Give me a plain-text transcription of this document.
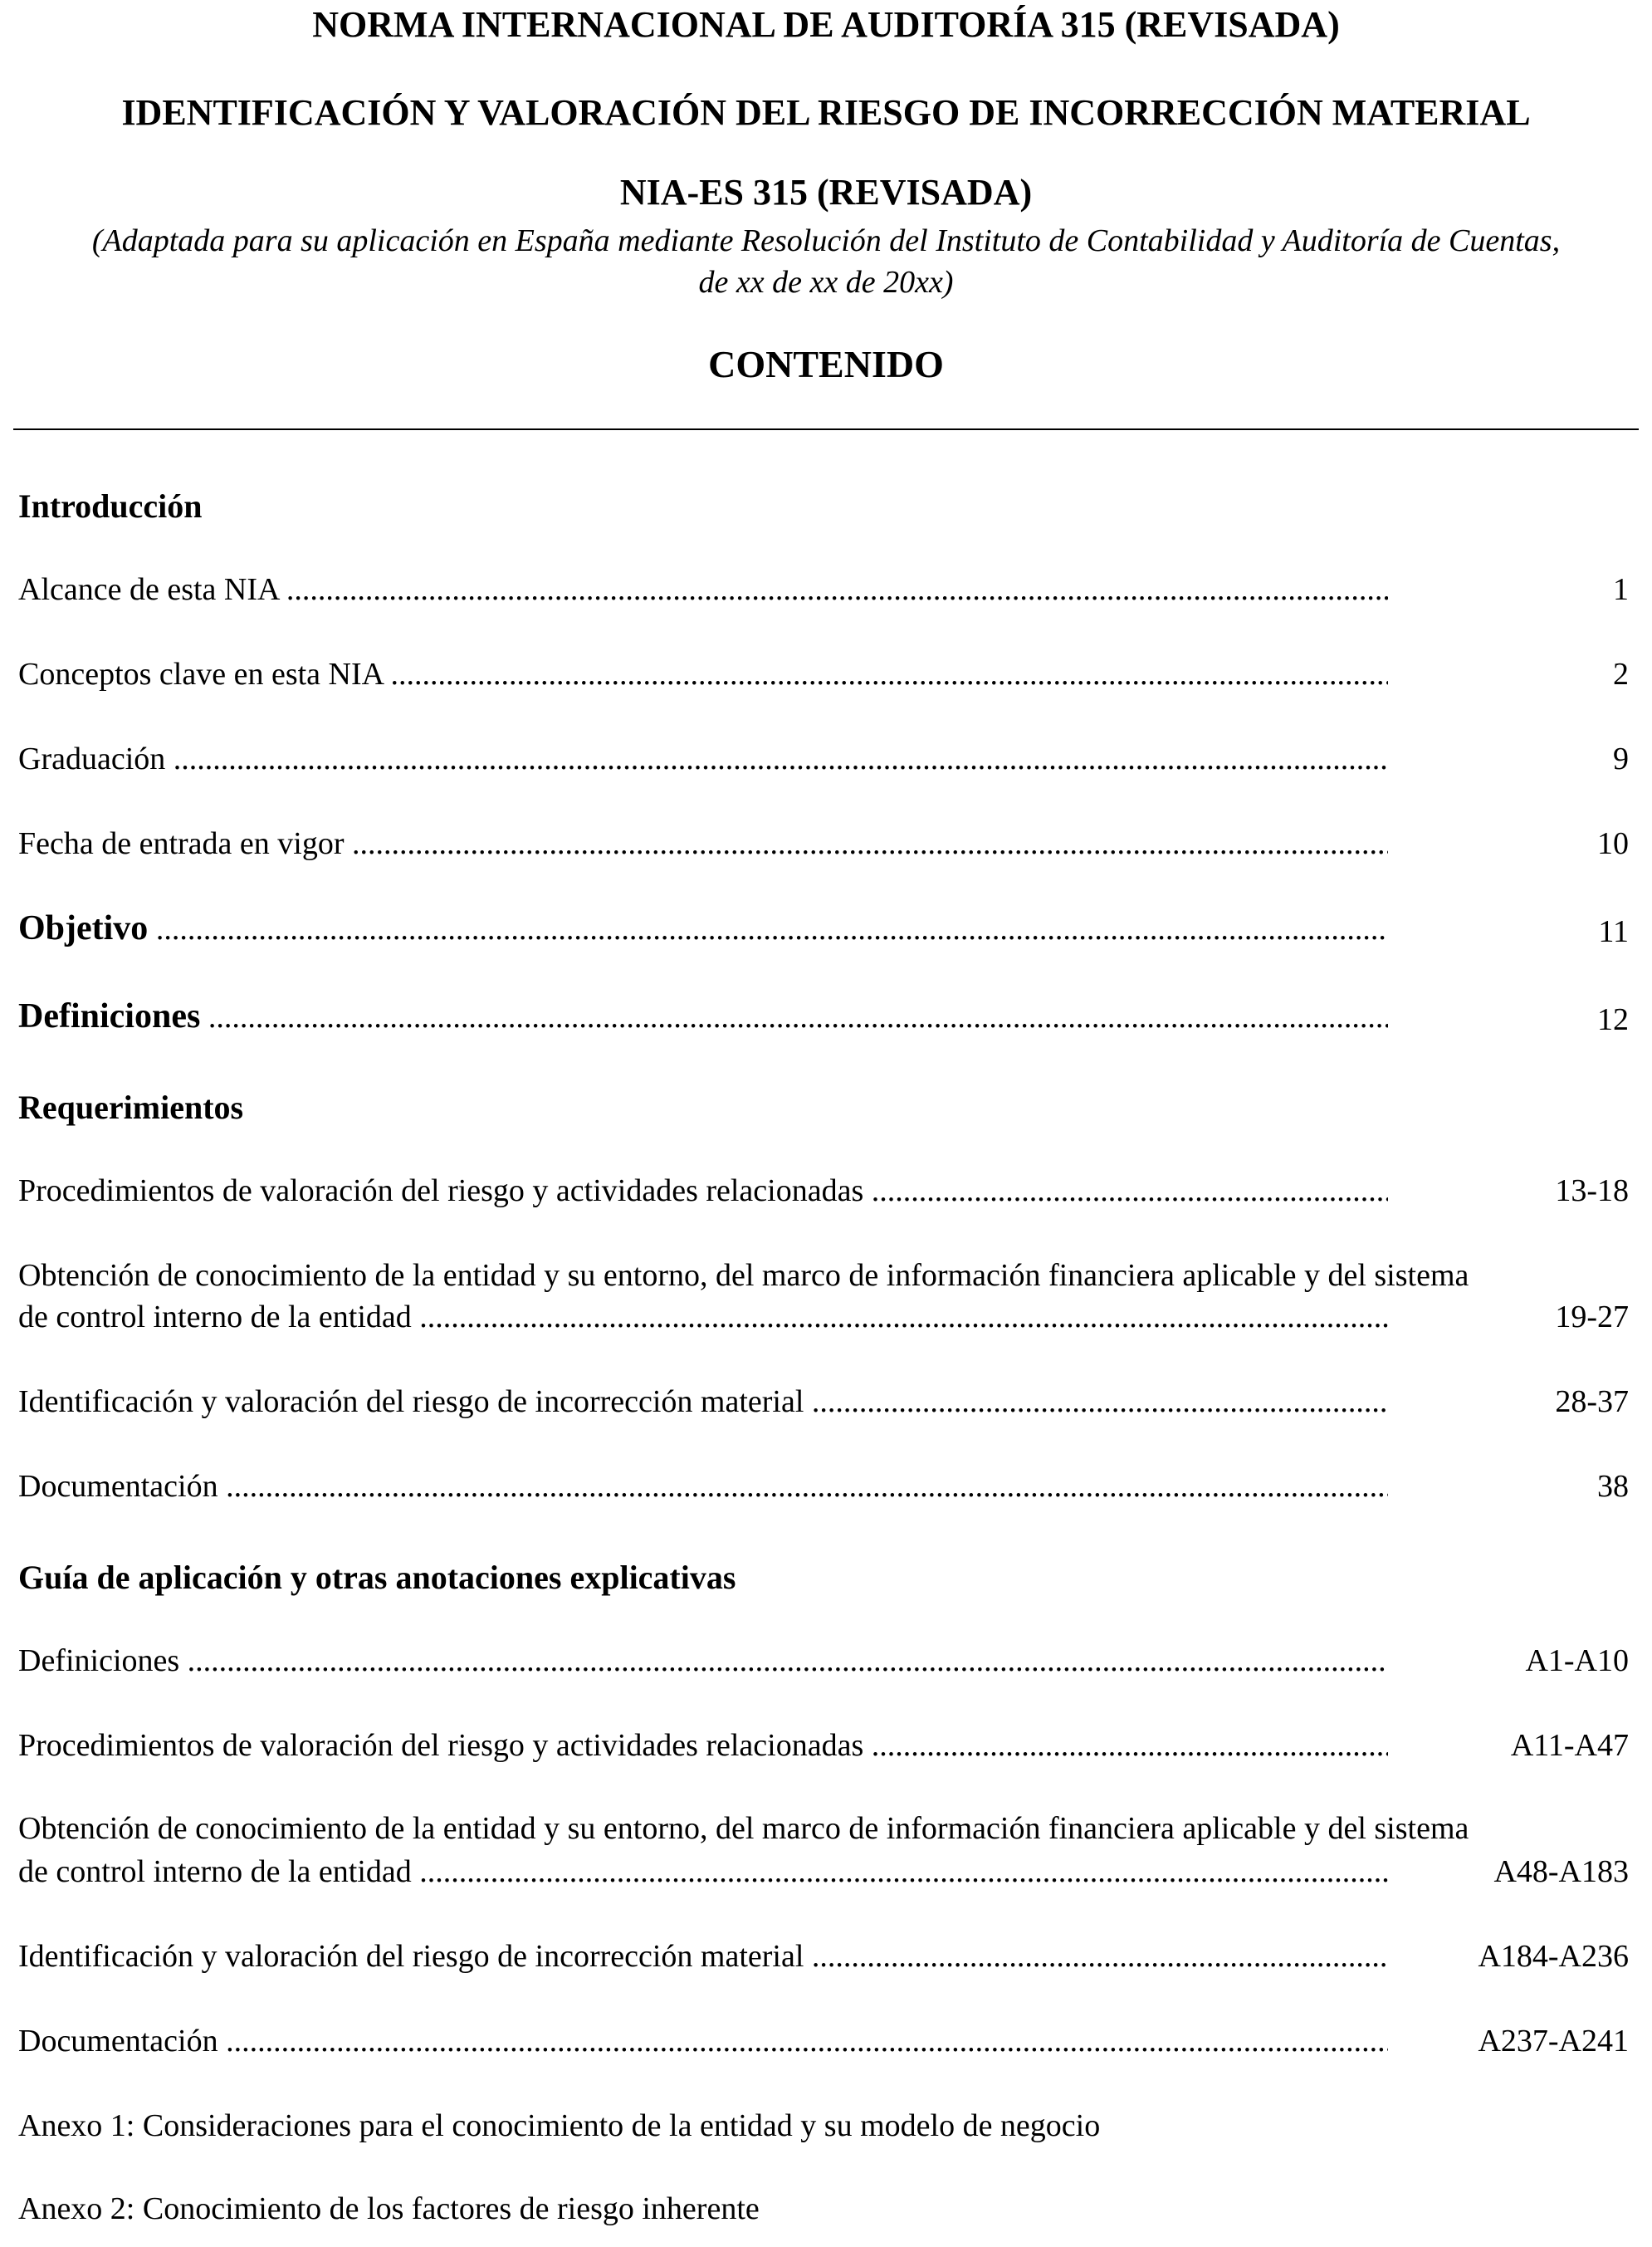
NORMA INTERNACIONAL DE AUDITORÍA 315 (REVISADA)
IDENTIFICACIÓN Y VALORACIÓN DEL RIESGO DE INCORRECCIÓN MATERIAL
NIA-ES 315 (REVISADA)
(Adaptada para su aplicación en España mediante Resolución del Instituto de Contabilidad y Auditoría de Cuentas,
de xx de xx de 20xx)
CONTENIDO
Introducción
Alcance de esta NIA .....	1
Conceptos clave en esta NIA .....	2
Graduación .....	9
Fecha de entrada en vigor .....	10
Objetivo .....	11
Definiciones .....	12
Requerimientos
Procedimientos de valoración del riesgo y actividades relacionadas .....	13-18
Obtención de conocimiento de la entidad y su entorno, del marco de información financiera aplicable y del sistema
de control interno de la entidad .....	19-27
Identificación y valoración del riesgo de incorrección material .....	28-37
Documentación .....	38
Guía de aplicación y otras anotaciones explicativas
Definiciones .....	A1-A10
Procedimientos de valoración del riesgo y actividades relacionadas .....	A11-A47
Obtención de conocimiento de la entidad y su entorno, del marco de información financiera aplicable y del sistema
de control interno de la entidad .....	A48-A183
Identificación y valoración del riesgo de incorrección material .....	A184-A236
Documentación .....	A237-A241
Anexo 1: Consideraciones para el conocimiento de la entidad y su modelo de negocio
Anexo 2: Conocimiento de los factores de riesgo inherente
